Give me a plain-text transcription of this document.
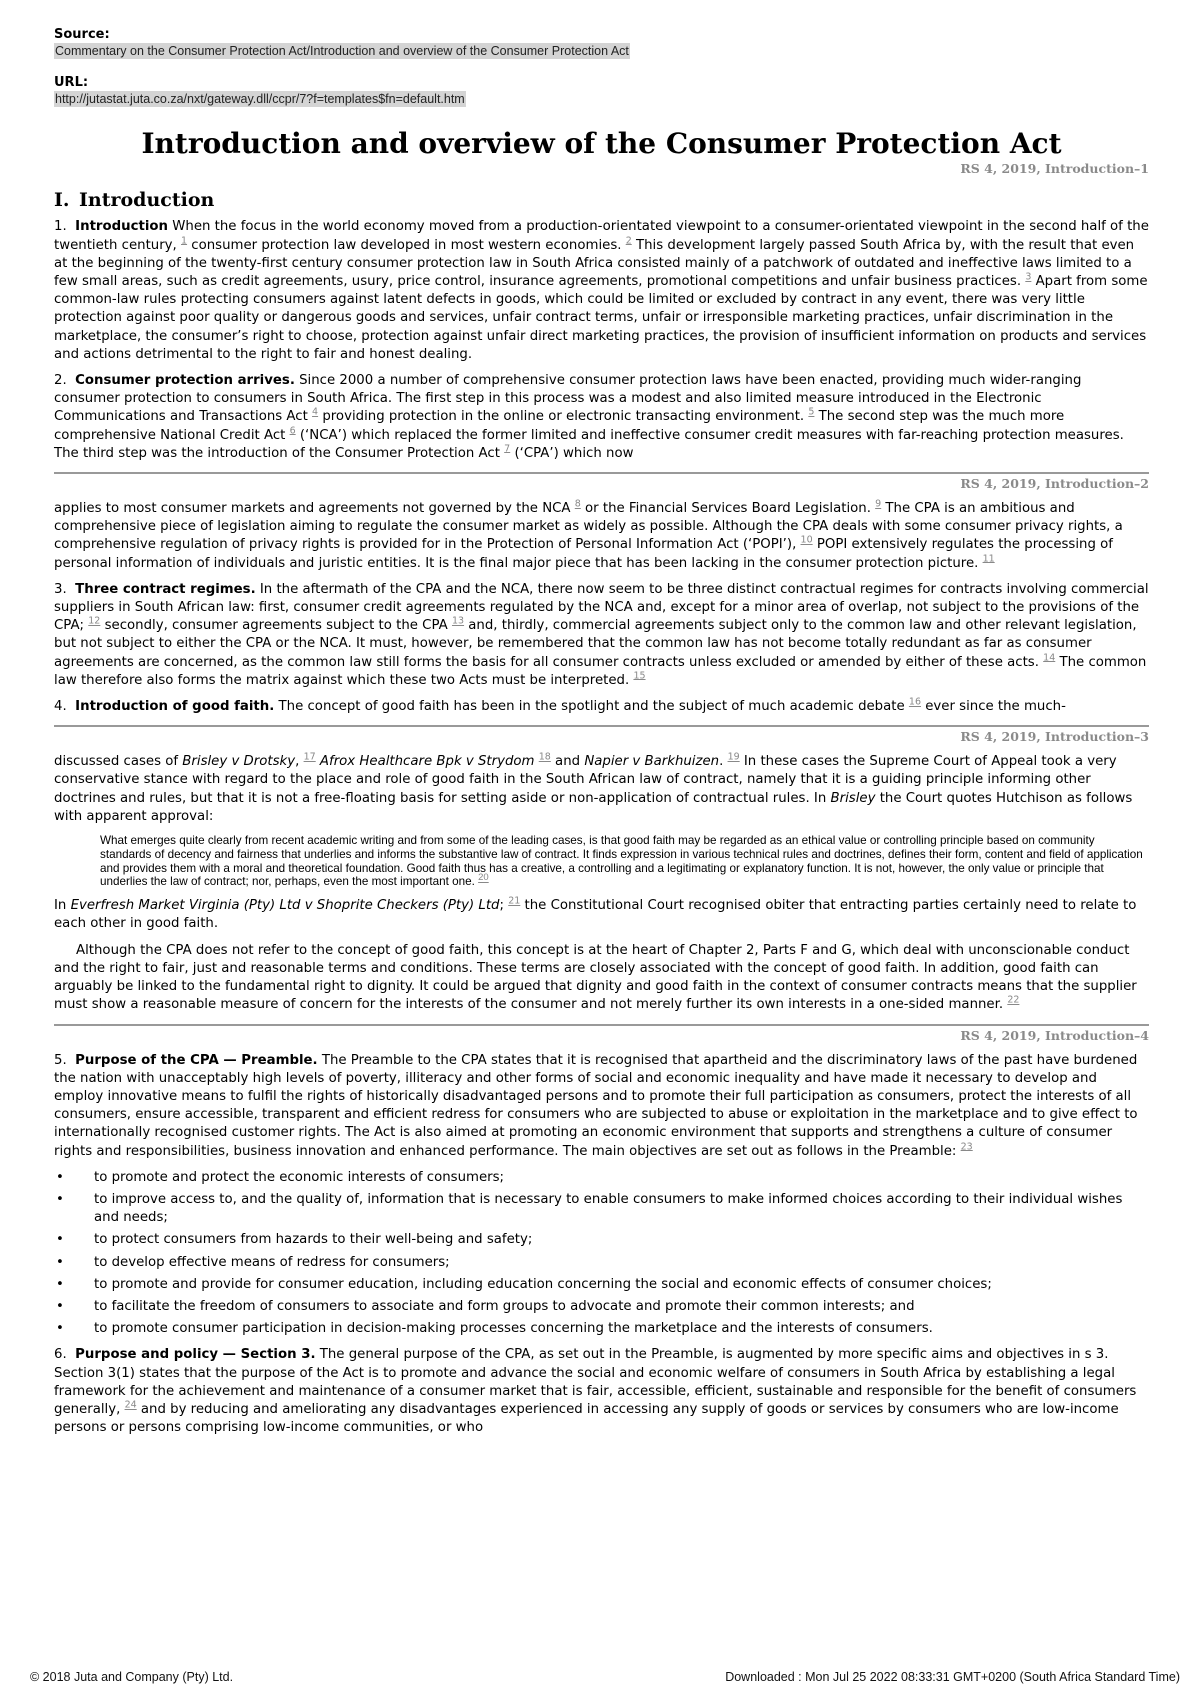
Source:
Commentary on the Consumer Protection Act/Introduction and overview of the Consumer Protection Act
URL:
http://jutastat.juta.co.za/nxt/gateway.dll/ccpr/7?f=templates$fn=default.htm
Introduction and overview of the Consumer Protection Act
RS 4, 2019, Introduction–1
I. Introduction

1. Introduction When the focus in the world economy moved from a production-orientated viewpoint to a consumer-orientated viewpoint in the second half of the twentieth century, $^1$ consumer protection law developed in most western economies. $^2$ This development largely passed South Africa by, with the result that even at the beginning of the twenty-first century consumer protection law in South Africa consisted mainly of a patchwork of outdated and ineffective laws limited to a few small areas, such as credit agreements, usury, price control, insurance agreements, promotional competitions and unfair business practices. $^3$ Apart from some common-law rules protecting consumers against latent defects in goods, which could be limited or excluded by contract in any event, there was very little protection against poor quality or dangerous goods and services, unfair contract terms, unfair or irresponsible marketing practices, unfair discrimination in the marketplace, the consumer’s right to choose, protection against unfair direct marketing practices, the provision of insufficient information on products and services and actions detrimental to the right to fair and honest dealing.

2. Consumer protection arrives. Since 2000 a number of comprehensive consumer protection laws have been enacted, providing much wider-ranging consumer protection to consumers in South Africa. The first step in this process was a modest and also limited measure introduced in the Electronic Communications and Transactions Act $^4$ providing protection in the online or electronic transacting environment. $^5$ The second step was the much more comprehensive National Credit Act $^6$ (‘NCA’) which replaced the former limited and ineffective consumer credit measures with far-reaching protection measures. The third step was the introduction of the Consumer Protection Act $^7$ (‘CPA’) which now

RS 4, 2019, Introduction–2

applies to most consumer markets and agreements not governed by the NCA $^8$ or the Financial Services Board Legislation. $^9$ The CPA is an ambitious and comprehensive piece of legislation aiming to regulate the consumer market as widely as possible. Although the CPA deals with some consumer privacy rights, a comprehensive regulation of privacy rights is provided for in the Protection of Personal Information Act (‘POPI’), $^{10}$ POPI extensively regulates the processing of personal information of individuals and juristic entities. It is the final major piece that has been lacking in the consumer protection picture. $^{11}$

3. Three contract regimes. In the aftermath of the CPA and the NCA, there now seem to be three distinct contractual regimes for contracts involving commercial suppliers in South African law: first, consumer credit agreements regulated by the NCA and, except for a minor area of overlap, not subject to the provisions of the CPA; $^{12}$ secondly, consumer agreements subject to the CPA $^{13}$ and, thirdly, commercial agreements subject only to the common law and other relevant legislation, but not subject to either the CPA or the NCA. It must, however, be remembered that the common law has not become totally redundant as far as consumer agreements are concerned, as the common law still forms the basis for all consumer contracts unless excluded or amended by either of these acts. $^{14}$ The common law therefore also forms the matrix against which these two Acts must be interpreted. $^{15}$

4. Introduction of good faith. The concept of good faith has been in the spotlight and the subject of much academic debate $^{16}$ ever since the much-

RS 4, 2019, Introduction–3

discussed cases of Brisley v Drotsky, $^{17}$ Afrox Healthcare Bpk v Strydom $^{18}$ and Napier v Barkhuizen. $^{19}$ In these cases the Supreme Court of Appeal took a very conservative stance with regard to the place and role of good faith in the South African law of contract, namely that it is a guiding principle informing other doctrines and rules, but that it is not a free-floating basis for setting aside or non-application of contractual rules. In Brisley the Court quotes Hutchison as follows with apparent approval:

What emerges quite clearly from recent academic writing and from some of the leading cases, is that good faith may be regarded as an ethical value or controlling principle based on community standards of decency and fairness that underlies and informs the substantive law of contract. It finds expression in various technical rules and doctrines, defines their form, content and field of application and provides them with a moral and theoretical foundation. Good faith thus has a creative, a controlling and a legitimating or explanatory function. It is not, however, the only value or principle that underlies the law of contract; nor, perhaps, even the most important one. $^{20}$

In Everfresh Market Virginia (Pty) Ltd v Shoprite Checkers (Pty) Ltd; $^{21}$ the Constitutional Court recognised obiter that entracting parties certainly need to relate to each other in good faith.

Although the CPA does not refer to the concept of good faith, this concept is at the heart of Chapter 2, Parts F and G, which deal with unconscionable conduct and the right to fair, just and reasonable terms and conditions. These terms are closely associated with the concept of good faith. In addition, good faith can arguably be linked to the fundamental right to dignity. It could be argued that dignity and good faith in the context of consumer contracts means that the supplier must show a reasonable measure of concern for the interests of the consumer and not merely further its own interests in a one-sided manner. $^{22}$

RS 4, 2019, Introduction–4

5. Purpose of the CPA — Preamble. The Preamble to the CPA states that it is recognised that apartheid and the discriminatory laws of the past have burdened the nation with unacceptably high levels of poverty, illiteracy and other forms of social and economic inequality and have made it necessary to develop and employ innovative means to fulfil the rights of historically disadvantaged persons and to promote their full participation as consumers, protect the interests of all consumers, ensure accessible, transparent and efficient redress for consumers who are subjected to abuse or exploitation in the marketplace and to give effect to internationally recognised customer rights. The Act is also aimed at promoting an economic environment that supports and strengthens a culture of consumer rights and responsibilities, business innovation and enhanced performance. The main objectives are set out as follows in the Preamble: $^{23}$

• to promote and protect the economic interests of consumers;
• to improve access to, and the quality of, information that is necessary to enable consumers to make informed choices according to their individual wishes and needs;
• to protect consumers from hazards to their well-being and safety;
• to develop effective means of redress for consumers;
• to promote and provide for consumer education, including education concerning the social and economic effects of consumer choices;
• to facilitate the freedom of consumers to associate and form groups to advocate and promote their common interests; and
• to promote consumer participation in decision-making processes concerning the marketplace and the interests of consumers.

6. Purpose and policy — Section 3. The general purpose of the CPA, as set out in the Preamble, is augmented by more specific aims and objectives in s 3. Section 3(1) states that the purpose of the Act is to promote and advance the social and economic welfare of consumers in South Africa by establishing a legal framework for the achievement and maintenance of a consumer market that is fair, accessible, efficient, sustainable and responsible for the benefit of consumers generally, $^{24}$ and by reducing and ameliorating any disadvantages experienced in accessing any supply of goods or services by consumers who are low-income persons or persons comprising low-income communities, or who

© 2018 Juta and Company (Pty) Ltd.	Downloaded : Mon Jul 25 2022 08:33:31 GMT+0200 (South Africa Standard Time)
